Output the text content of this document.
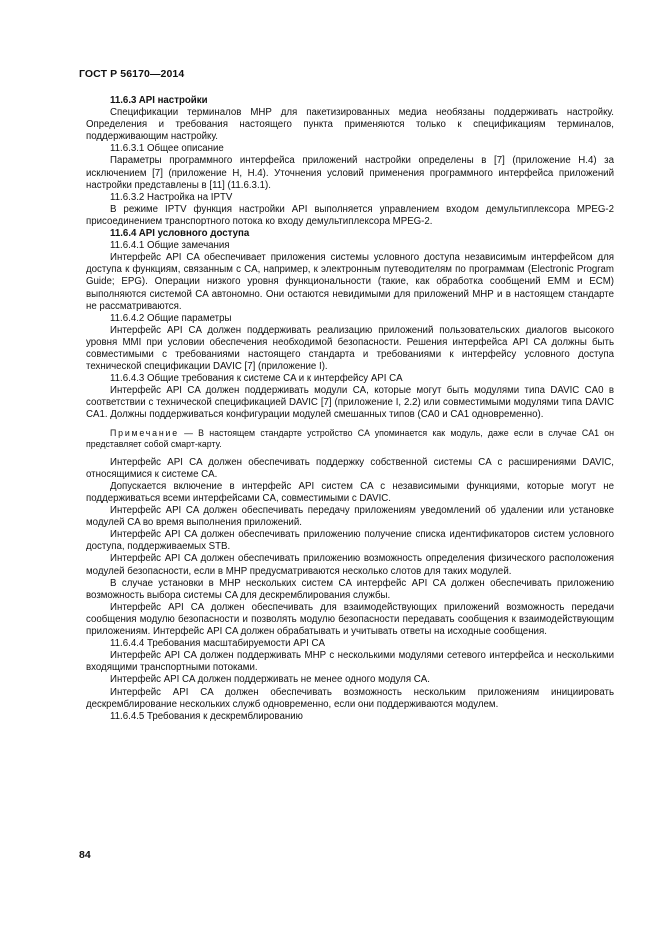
ГОСТ Р 56170—2014

11.6.3 API настройки

Спецификации терминалов MHP для пакетизированных медиа необязаны поддерживать настройку. Определения и требования настоящего пункта применяются только к спецификациям терминалов, поддерживающим настройку.

11.6.3.1 Общее описание

Параметры программного интерфейса приложений настройки определены в [7] (приложение H.4) за исключением [7] (приложение H, H.4). Уточнения условий применения программного интерфейса приложений настройки представлены в [11] (11.6.3.1).

11.6.3.2 Настройка на IPTV

В режиме IPTV функция настройки API выполняется управлением входом демультиплексора MPEG-2 присоединением транспортного потока ко входу демультиплексора MPEG-2.

11.6.4 API условного доступа

11.6.4.1 Общие замечания

Интерфейс API CA обеспечивает приложения системы условного доступа независимым интерфейсом для доступа к функциям, связанным с CA, например, к электронным путеводителям по программам (Electronic Program Guide; EPG). Операции низкого уровня функциональности (такие, как обработка сообщений EMM и ECM) выполняются системой CA автономно. Они остаются невидимыми для приложений MHP и в настоящем стандарте не рассматриваются.

11.6.4.2 Общие параметры

Интерфейс API CA должен поддерживать реализацию приложений пользовательских диалогов высокого уровня MMI при условии обеспечения необходимой безопасности. Решения интерфейса API CA должны быть совместимыми с требованиями настоящего стандарта и требованиями к интерфейсу условного доступа технической спецификации DAVIC [7] (приложение I).

11.6.4.3 Общие требования к системе CA и к интерфейсу API CA

Интерфейс API CA должен поддерживать модули CA, которые могут быть модулями типа DAVIC CA0 в соответствии с технической спецификацией DAVIC [7] (приложение I, 2.2) или совместимыми модулями типа DAVIC CA1. Должны поддерживаться конфигурации модулей смешанных типов (CA0 и CA1 одновременно).

Примечание — В настоящем стандарте устройство CA упоминается как модуль, даже если в случае CA1 он представляет собой смарт-карту.

Интерфейс API CA должен обеспечивать поддержку собственной системы CA с расширениями DAVIC, относящимися к системе CA.

Допускается включение в интерфейс API систем CA с независимыми функциями, которые могут не поддерживаться всеми интерфейсами CA, совместимыми с DAVIC.

Интерфейс API CA должен обеспечивать передачу приложениям уведомлений об удалении или установке модулей CA во время выполнения приложений.

Интерфейс API CA должен обеспечивать приложению получение списка идентификаторов систем условного доступа, поддерживаемых STB.

Интерфейс API CA должен обеспечивать приложению возможность определения физического расположения модулей безопасности, если в MHP предусматриваются несколько слотов для таких модулей.

В случае установки в MHP нескольких систем CA интерфейс API CA должен обеспечивать приложению возможность выбора системы CA для дескремблирования службы.

Интерфейс API CA должен обеспечивать для взаимодействующих приложений возможность передачи сообщения модулю безопасности и позволять модулю безопасности передавать сообщения к взаимодействующим приложениям. Интерфейс API CA должен обрабатывать и учитывать ответы на исходные сообщения.

11.6.4.4 Требования масштабируемости API CA

Интерфейс API CA должен поддерживать MHP с несколькими модулями сетевого интерфейса и несколькими входящими транспортными потоками.

Интерфейс API CA должен поддерживать не менее одного модуля CA.

Интерфейс API CA должен обеспечивать возможность нескольким приложениям инициировать дескремблирование нескольких служб одновременно, если они поддерживаются модулем.

11.6.4.5 Требования к дескремблированию

84
